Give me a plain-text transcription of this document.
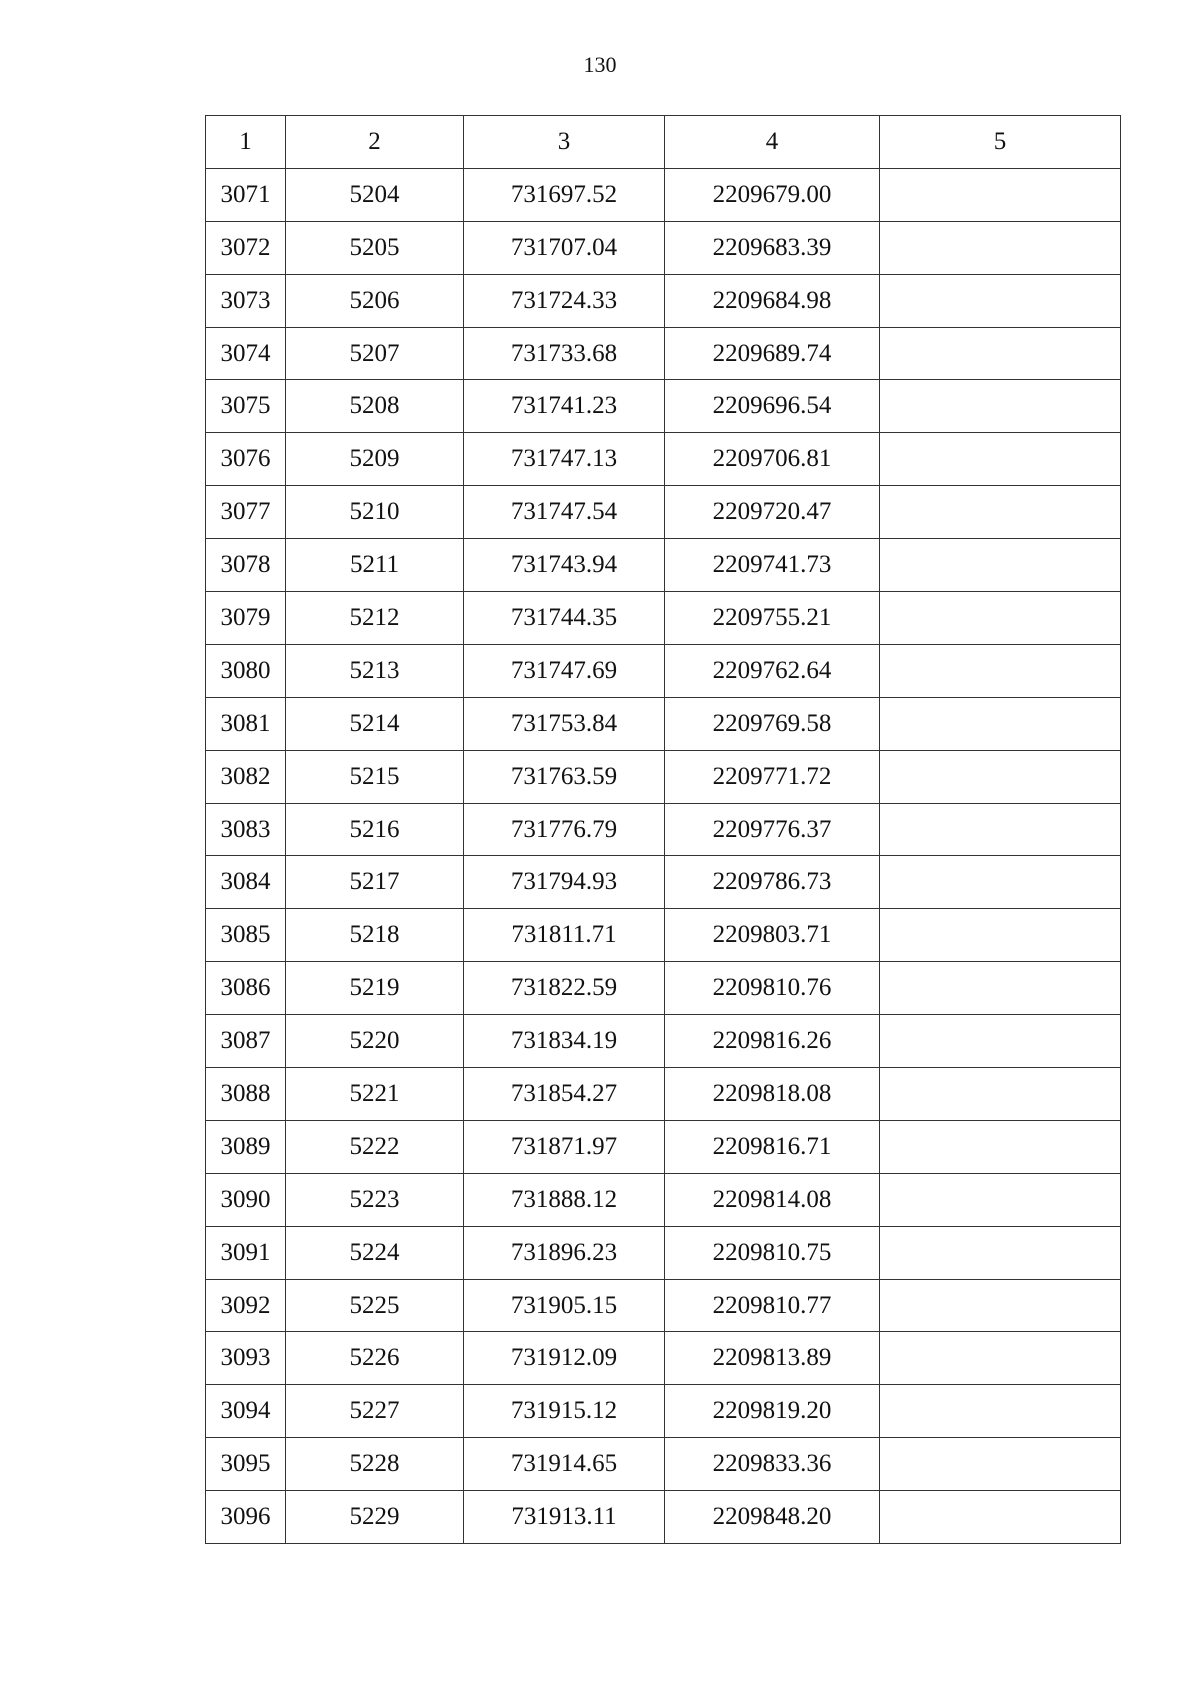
130
1	2	3	4	5
3071	5204	731697.52	2209679.00	
3072	5205	731707.04	2209683.39	
3073	5206	731724.33	2209684.98	
3074	5207	731733.68	2209689.74	
3075	5208	731741.23	2209696.54	
3076	5209	731747.13	2209706.81	
3077	5210	731747.54	2209720.47	
3078	5211	731743.94	2209741.73	
3079	5212	731744.35	2209755.21	
3080	5213	731747.69	2209762.64	
3081	5214	731753.84	2209769.58	
3082	5215	731763.59	2209771.72	
3083	5216	731776.79	2209776.37	
3084	5217	731794.93	2209786.73	
3085	5218	731811.71	2209803.71	
3086	5219	731822.59	2209810.76	
3087	5220	731834.19	2209816.26	
3088	5221	731854.27	2209818.08	
3089	5222	731871.97	2209816.71	
3090	5223	731888.12	2209814.08	
3091	5224	731896.23	2209810.75	
3092	5225	731905.15	2209810.77	
3093	5226	731912.09	2209813.89	
3094	5227	731915.12	2209819.20	
3095	5228	731914.65	2209833.36	
3096	5229	731913.11	2209848.20	
